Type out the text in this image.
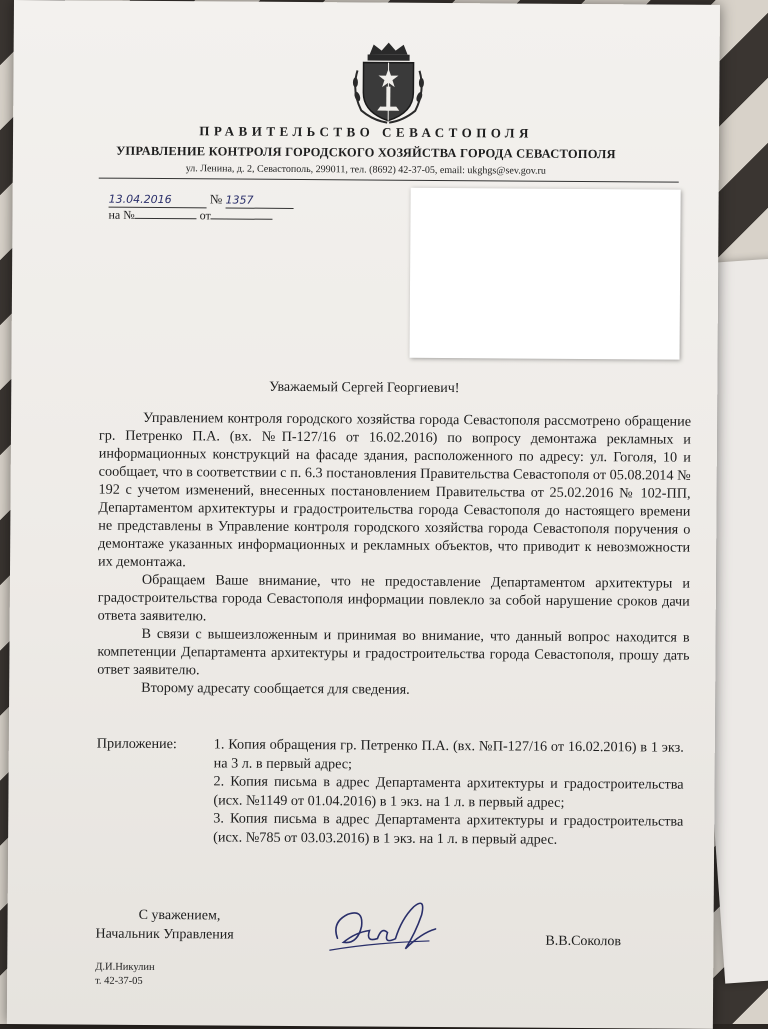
ПРАВИТЕЛЬСТВО СЕВАСТОПОЛЯ
УПРАВЛЕНИЕ КОНТРОЛЯ ГОРОДСКОГО ХОЗЯЙСТВА ГОРОДА СЕВАСТОПОЛЯ
ул. Ленина, д. 2, Севастополь, 299011, тел. (8692) 42-37-05, email: ukghgs@sev.gov.ru
13.04.2016	№ 1357
на №	от
Уважаемый Сергей Георгиевич!

Управлением контроля городского хозяйства города Севастополя рассмотрено обращение гр. Петренко П.А. (вх. №П-127/16 от 16.02.2016) по вопросу демонтажа рекламных и информационных конструкций на фасаде здания, расположенного по адресу: ул. Гоголя, 10 и сообщает, что в соответствии с п. 6.3 постановления Правительства Севастополя от 05.08.2014 № 192 с учетом изменений, внесенных постановлением Правительства от 25.02.2016 № 102-ПП, Департаментом архитектуры и градостроительства города Севастополя до настоящего времени не представлены в Управление контроля городского хозяйства города Севастополя поручения о демонтаже указанных информационных и рекламных объектов, что приводит к невозможности их демонтажа.

Обращаем Ваше внимание, что не предоставление Департаментом архитектуры и градостроительства города Севастополя информации повлекло за собой нарушение сроков дачи ответа заявителю.

В связи с вышеизложенным и принимая во внимание, что данный вопрос находится в компетенции Департамента архитектуры и градостроительства города Севастополя, прошу дать ответ заявителю.

Второму адресату сообщается для сведения.

Приложение:	1. Копия обращения гр. Петренко П.А. (вх. №П-127/16 от 16.02.2016) в 1 экз. на 3 л. в первый адрес;
2. Копия письма в адрес Департамента архитектуры и градостроительства (исх. №1149 от 01.04.2016) в 1 экз. на 1 л. в первый адрес;
3. Копия письма в адрес Департамента архитектуры и градостроительства (исх. №785 от 03.03.2016) в 1 экз. на 1 л. в первый адрес.
С уважением,
Начальник Управления	В.В.Соколов
Д.И.Никулин
т. 42-37-05
